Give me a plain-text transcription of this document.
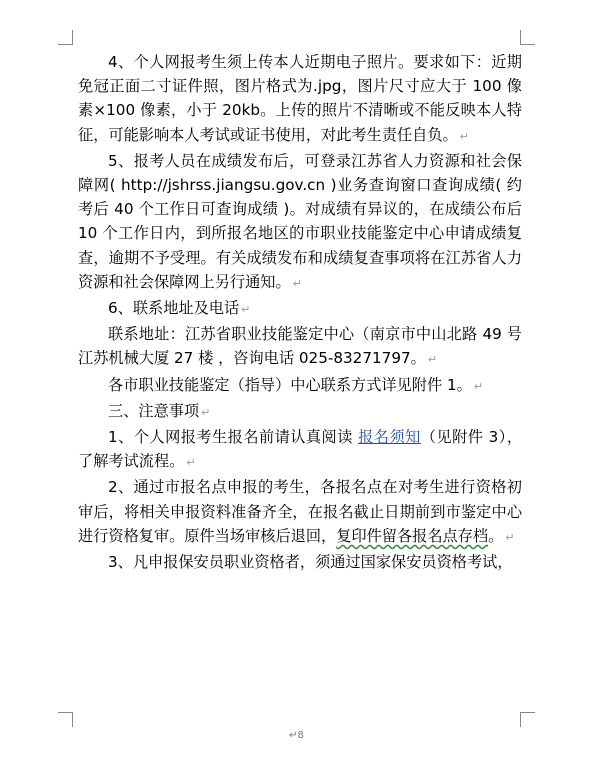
4、个人网报考生须上传本人近期电子照片。要求如下：近期免冠正面二寸证件照，图片格式为.jpg，图片尺寸应大于 100 像素×100 像素，小于 20kb。上传的照片不清晰或不能反映本人特征，可能影响本人考试或证书使用，对此考生责任自负。 ↵

5、报考人员在成绩发布后，可登录江苏省人力资源和社会保障网( http://jshrss.jiangsu.gov.cn )业务查询窗口查询成绩( 约考后 40 个工作日可查询成绩 )。对成绩有异议的，在成绩公布后 10 个工作日内，到所报名地区的市职业技能鉴定中心申请成绩复查，逾期不予受理。有关成绩发布和成绩复查事项将在江苏省人力资源和社会保障网上另行通知。 ↵

6、联系地址及电话 ↵

联系地址：江苏省职业技能鉴定中心（南京市中山北路 49 号江苏机械大厦 27 楼 ，咨询电话 025-83271797。 ↵

各市职业技能鉴定（指导）中心联系方式详见附件 1。 ↵

三、注意事项 ↵

1、个人网报考生报名前请认真阅读 报名须知（见附件 3），了解考试流程。 ↵

2、通过市报名点申报的考生，各报名点在对考生进行资格初审后，将相关申报资料准备齐全，在报名截止日期前到市鉴定中心进行资格复审。原件当场审核后退回，复印件留各报名点存档。 ↵

3、凡申报保安员职业资格者，须通过国家保安员资格考试，

↵8
